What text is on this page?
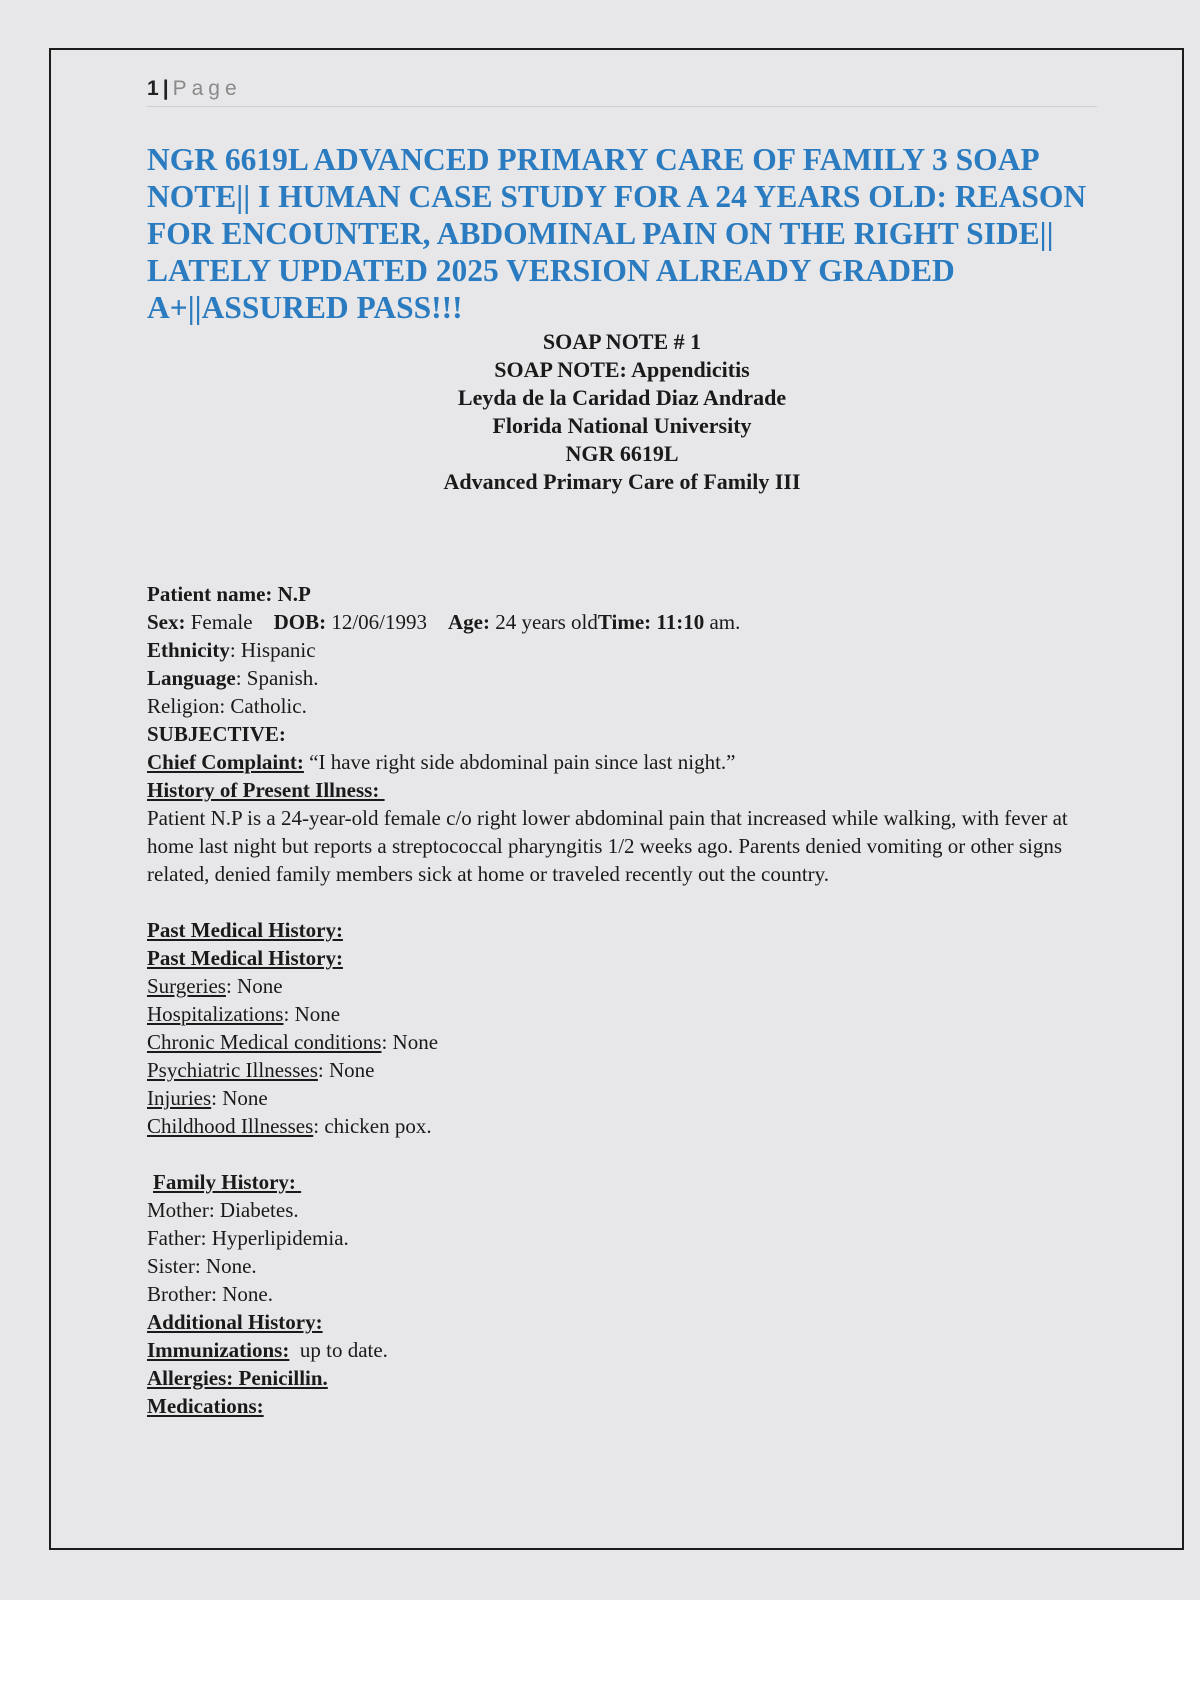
1 | Page
NGR 6619L ADVANCED PRIMARY CARE OF FAMILY 3 SOAP NOTE|| I HUMAN CASE STUDY FOR A 24 YEARS OLD: REASON FOR ENCOUNTER, ABDOMINAL PAIN ON THE RIGHT SIDE|| LATELY UPDATED 2025 VERSION ALREADY GRADED A+||ASSURED PASS!!!
SOAP NOTE # 1
SOAP NOTE: Appendicitis
Leyda de la Caridad Diaz Andrade
Florida National University
NGR 6619L
Advanced Primary Care of Family III

Patient name: N.P

Sex: Female DOB: 12/06/1993 Age: 24 years oldTime: 11:10 am.

Ethnicity: Hispanic

Language: Spanish.

Religion: Catholic.

SUBJECTIVE:

Chief Complaint: “I have right side abdominal pain since last night.”

History of Present Illness:

Patient N.P is a 24-year-old female c/o right lower abdominal pain that increased while walking, with fever at home last night but reports a streptococcal pharyngitis 1/2 weeks ago. Parents denied vomiting or other signs related, denied family members sick at home or traveled recently out the country.

Past Medical History:

Past Medical History:

Surgeries: None

Hospitalizations: None

Chronic Medical conditions: None

Psychiatric Illnesses: None

Injuries: None

Childhood Illnesses: chicken pox.

Family History:

Mother: Diabetes.

Father: Hyperlipidemia.

Sister: None.

Brother: None.

Additional History:

Immunizations:  up to date.

Allergies: Penicillin.

Medications:
